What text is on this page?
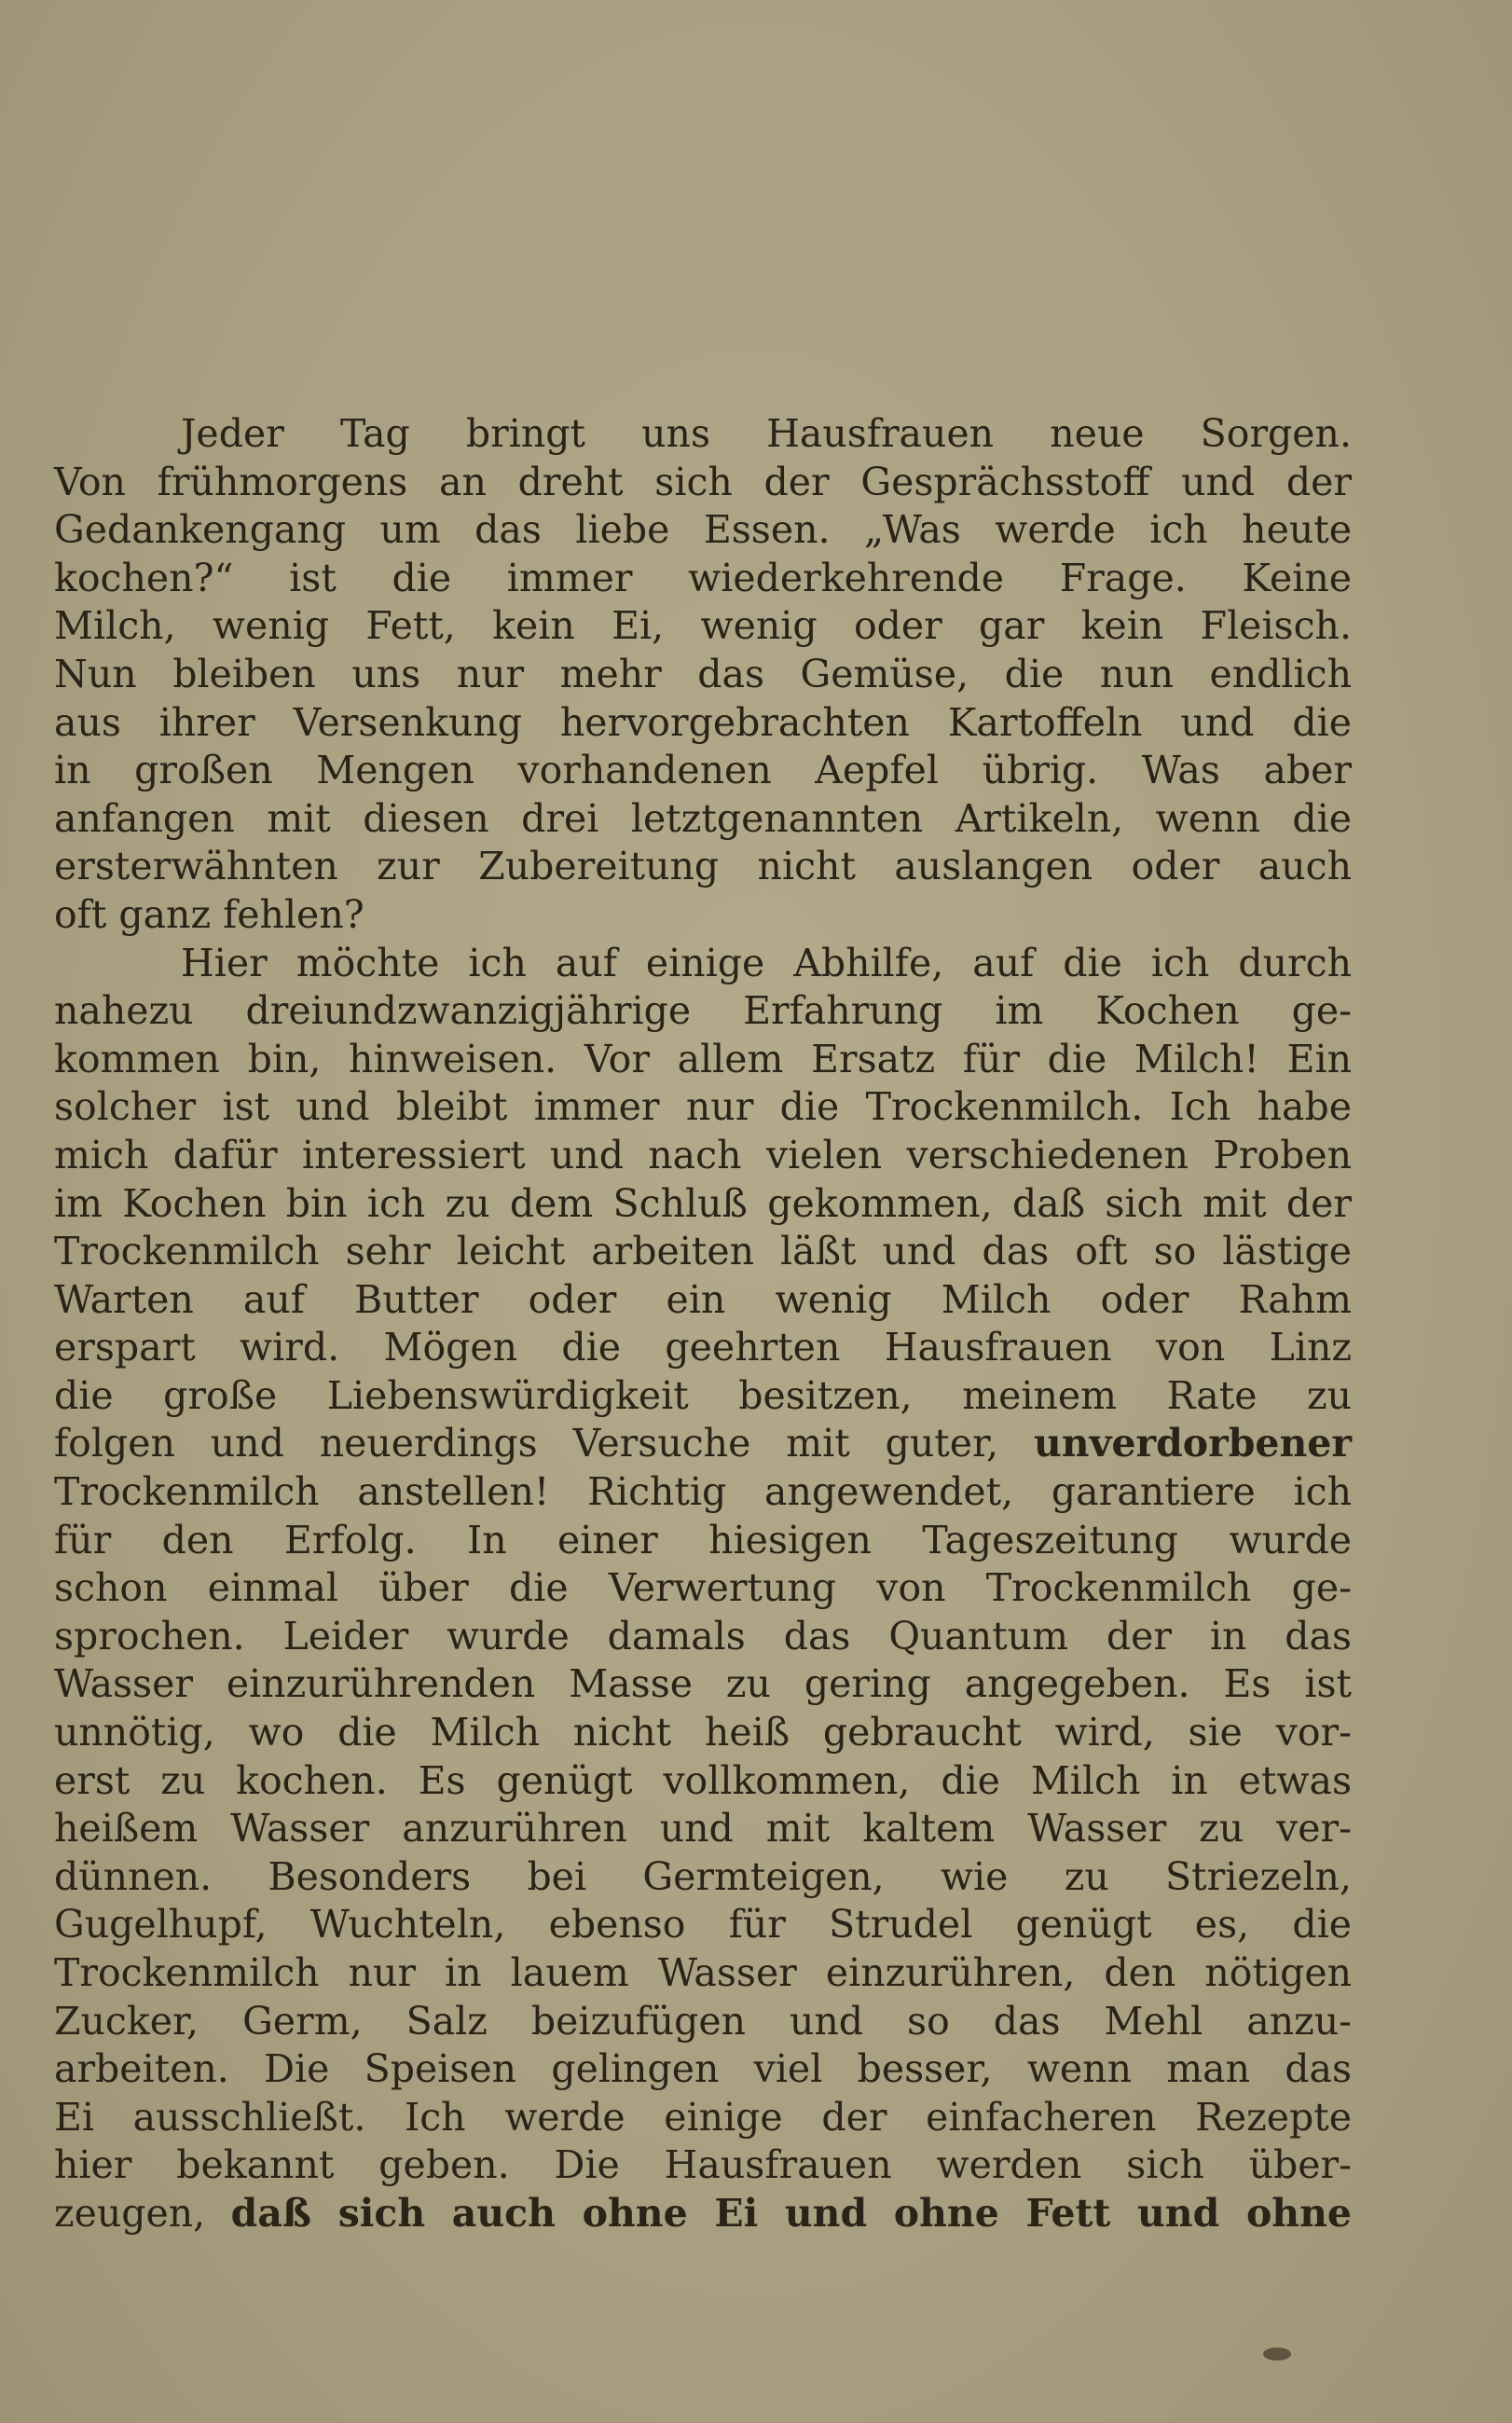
Jeder Tag bringt uns Hausfrauen neue Sorgen.
Von frühmorgens an dreht sich der Gesprächsstoff und der
Gedankengang um das liebe Essen. „Was werde ich heute
kochen?“ ist die immer wiederkehrende Frage. Keine
Milch, wenig Fett, kein Ei, wenig oder gar kein Fleisch.
Nun bleiben uns nur mehr das Gemüse, die nun endlich
aus ihrer Versenkung hervorgebrachten Kartoffeln und die
in großen Mengen vorhandenen Aepfel übrig. Was aber
anfangen mit diesen drei letztgenannten Artikeln, wenn die
ersterwähnten zur Zubereitung nicht auslangen oder auch
oft ganz fehlen?
Hier möchte ich auf einige Abhilfe, auf die ich durch
nahezu dreiundzwanzigjährige Erfahrung im Kochen ge-
kommen bin, hinweisen. Vor allem Ersatz für die Milch! Ein
solcher ist und bleibt immer nur die Trockenmilch. Ich habe
mich dafür interessiert und nach vielen verschiedenen Proben
im Kochen bin ich zu dem Schluß gekommen, daß sich mit der
Trockenmilch sehr leicht arbeiten läßt und das oft so lästige
Warten auf Butter oder ein wenig Milch oder Rahm
erspart wird. Mögen die geehrten Hausfrauen von Linz
die große Liebenswürdigkeit besitzen, meinem Rate zu
folgen und neuerdings Versuche mit guter, unverdorbener
Trockenmilch anstellen! Richtig angewendet, garantiere ich
für den Erfolg. In einer hiesigen Tageszeitung wurde
schon einmal über die Verwertung von Trockenmilch ge-
sprochen. Leider wurde damals das Quantum der in das
Wasser einzurührenden Masse zu gering angegeben. Es ist
unnötig, wo die Milch nicht heiß gebraucht wird, sie vor-
erst zu kochen. Es genügt vollkommen, die Milch in etwas
heißem Wasser anzurühren und mit kaltem Wasser zu ver-
dünnen. Besonders bei Germteigen, wie zu Striezeln,
Gugelhupf, Wuchteln, ebenso für Strudel genügt es, die
Trockenmilch nur in lauem Wasser einzurühren, den nötigen
Zucker, Germ, Salz beizufügen und so das Mehl anzu-
arbeiten. Die Speisen gelingen viel besser, wenn man das
Ei ausschließt. Ich werde einige der einfacheren Rezepte
hier bekannt geben. Die Hausfrauen werden sich über-
zeugen, daß sich auch ohne Ei und ohne Fett und ohne
